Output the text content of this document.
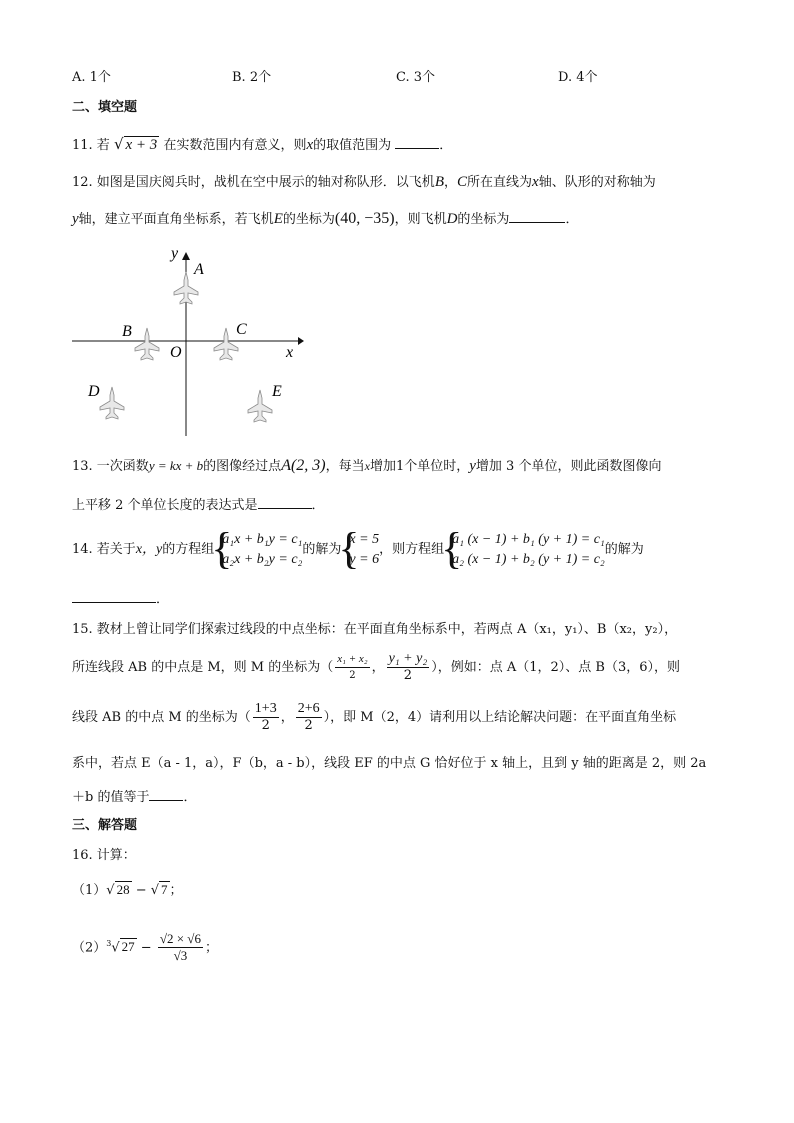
A. 1个	B. 2个	C. 3个	D. 4个
二、填空题
11. 若 √ x + 3 在实数范围内有意义，则x的取值范围为	．
12. 如图是国庆阅兵时，战机在空中展示的轴对称队形．以飞机B，C所在直线为x轴、队形的对称轴为
y轴，建立平面直角坐标系，若飞机E的坐标为(40, −35)，则飞机D的坐标为	．
y
x
O
A
B	C
D	E
13. 一次函数y = kx + b的图像经过点A(2, 3)，每当x增加1个单位时，y增加 3 个单位，则此函数图像向
上平移 2 个单位长度的表达式是	．
14. 若关于x，y的方程组
{ a₁x + b₁y = c₁
a₂x + b₂y = c₂
的解为
{ x = 5
y = 6
，则方程组
{ a₁ (x − 1) + b₁ (y + 1) = c₁
a₂ (x − 1) + b₂ (y + 1) = c₂
的解为
．
15. 教材上曾让同学们探索过线段的中点坐标：在平面直角坐标系中，若两点 A（x₁，y₁）、B（x₂，y₂），
所连线段 AB 的中点是 M，则 M 的坐标为（ $\frac{\text{x₁ + x₂}}{2}$ ， $\frac{\text{y₁ + y₂}}{2}$ ），例如：点 A（1，2）、点 B（3，6），则
线段 AB 的中点 M 的坐标为（ $\frac{1+3}{2}$ ， $\frac{2+6}{2}$ ），即 M（2，4）请利用以上结论解决问题：在平面直角坐标
系中，若点 E（a - 1，a），F（b，a - b），线段 EF 的中点 G 恰好位于 x 轴上，且到 y 轴的距离是 2，则 2a
＋b 的值等于	．
三、解答题
16. 计算：
（1）√ 28 − √ 7 ；
$(2)^3√$ $27 - \frac{√2 \times √6}{√3}$ ；
